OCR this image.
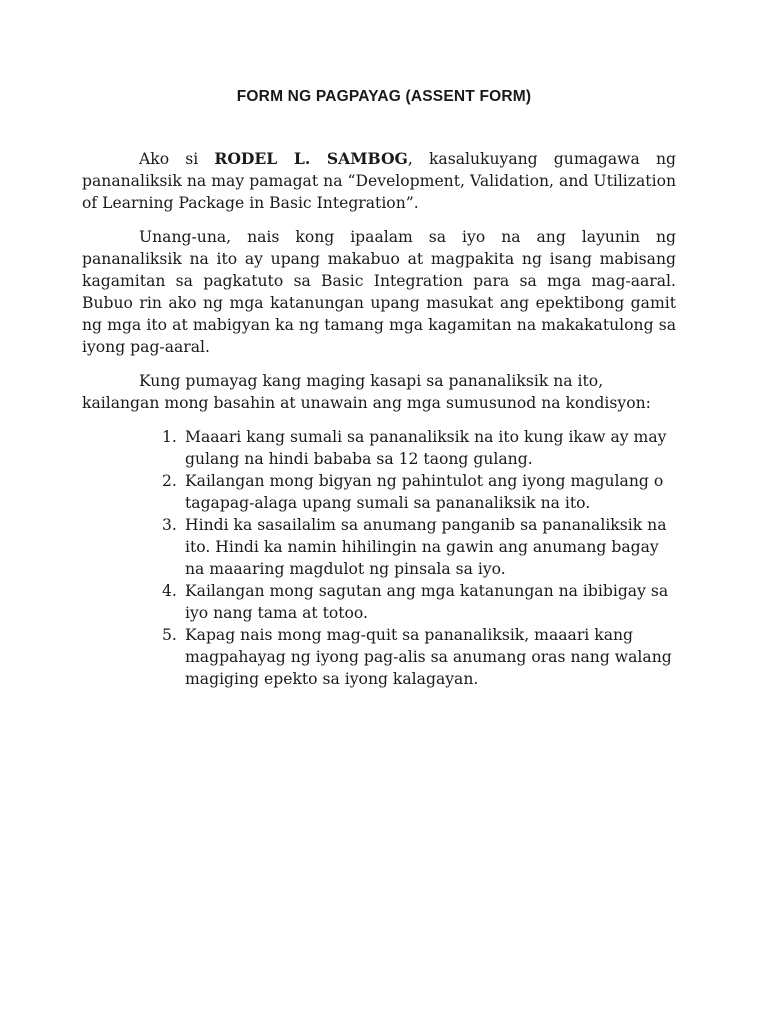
FORM NG PAGPAYAG (ASSENT FORM)

Ako si RODEL L. SAMBOG, kasalukuyang gumagawa ng pananaliksik na may pamagat na “Development, Validation, and Utilization of Learning Package in Basic Integration”.

Unang-una, nais kong ipaalam sa iyo na ang layunin ng pananaliksik na ito ay upang makabuo at magpakita ng isang mabisang kagamitan sa pagkatuto sa Basic Integration para sa mga mag-aaral. Bubuo rin ako ng mga katanungan upang masukat ang epektibong gamit ng mga ito at mabigyan ka ng tamang mga kagamitan na makakatulong sa iyong pag-aaral.

Kung pumayag kang maging kasapi sa pananaliksik na ito, kailangan mong basahin at unawain ang mga sumusunod na kondisyon:

1. Maaari kang sumali sa pananaliksik na ito kung ikaw ay may gulang na hindi bababa sa 12 taong gulang.
2. Kailangan mong bigyan ng pahintulot ang iyong magulang o tagapag-alaga upang sumali sa pananaliksik na ito.
3. Hindi ka sasailalim sa anumang panganib sa pananaliksik na ito. Hindi ka namin hihilingin na gawin ang anumang bagay na maaaring magdulot ng pinsala sa iyo.
4. Kailangan mong sagutan ang mga katanungan na ibibigay sa iyo nang tama at totoo.
5. Kapag nais mong mag-quit sa pananaliksik, maaari kang magpahayag ng iyong pag-alis sa anumang oras nang walang magiging epekto sa iyong kalagayan.
